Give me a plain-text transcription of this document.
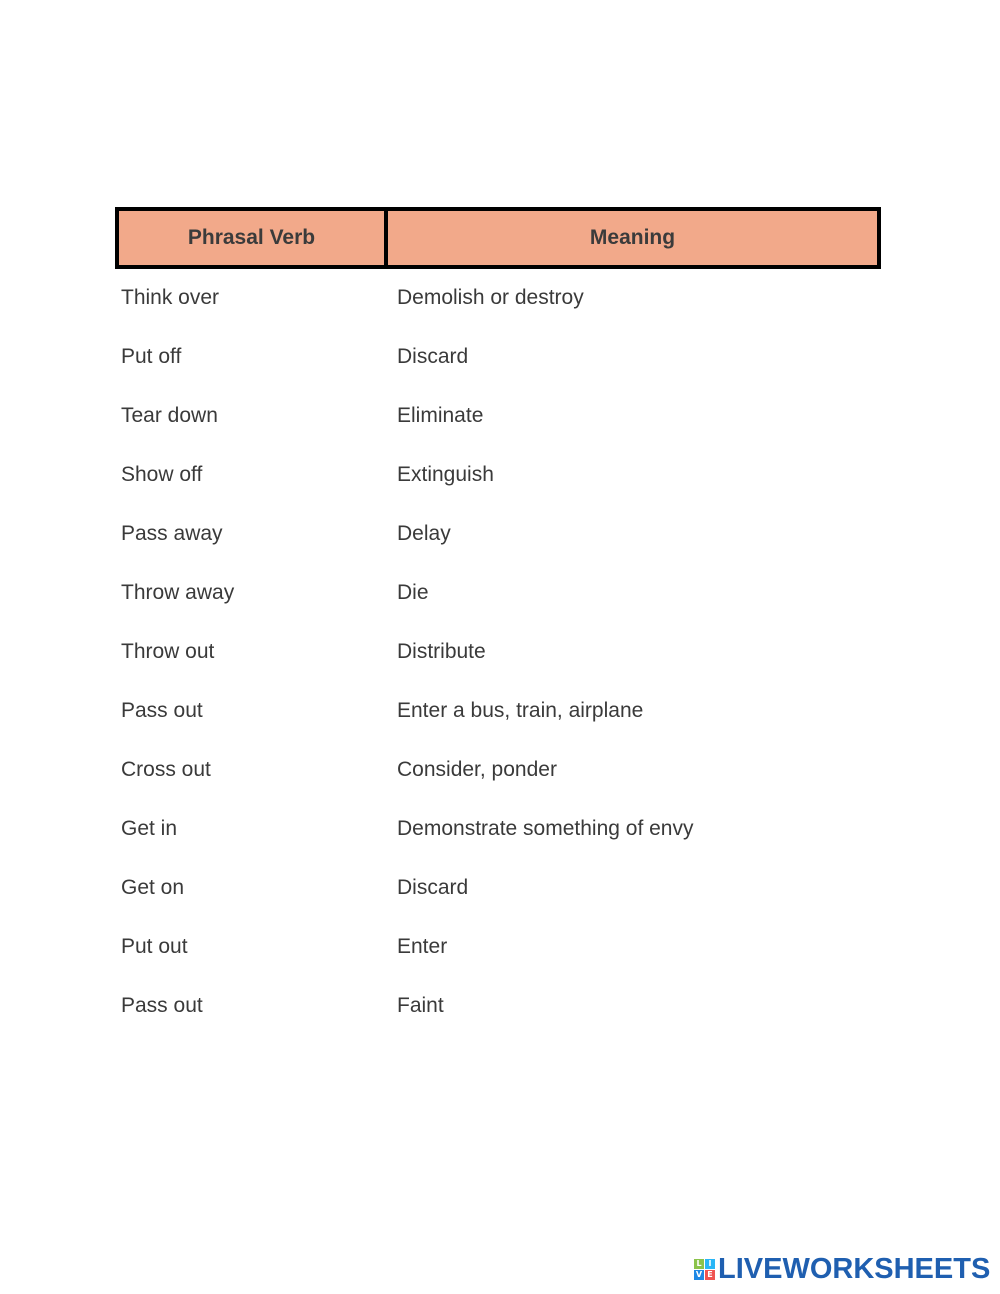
Phrasal Verb	Meaning
Think over	Demolish or destroy
Put off	Discard
Tear down	Eliminate
Show off	Extinguish
Pass away	Delay
Throw away	Die
Throw out	Distribute
Pass out	Enter a bus, train, airplane
Cross out	Consider, ponder
Get in	Demonstrate something of envy
Get on	Discard
Put out	Enter
Pass out	Faint
L I
V E LIVEWORKSHEETS
